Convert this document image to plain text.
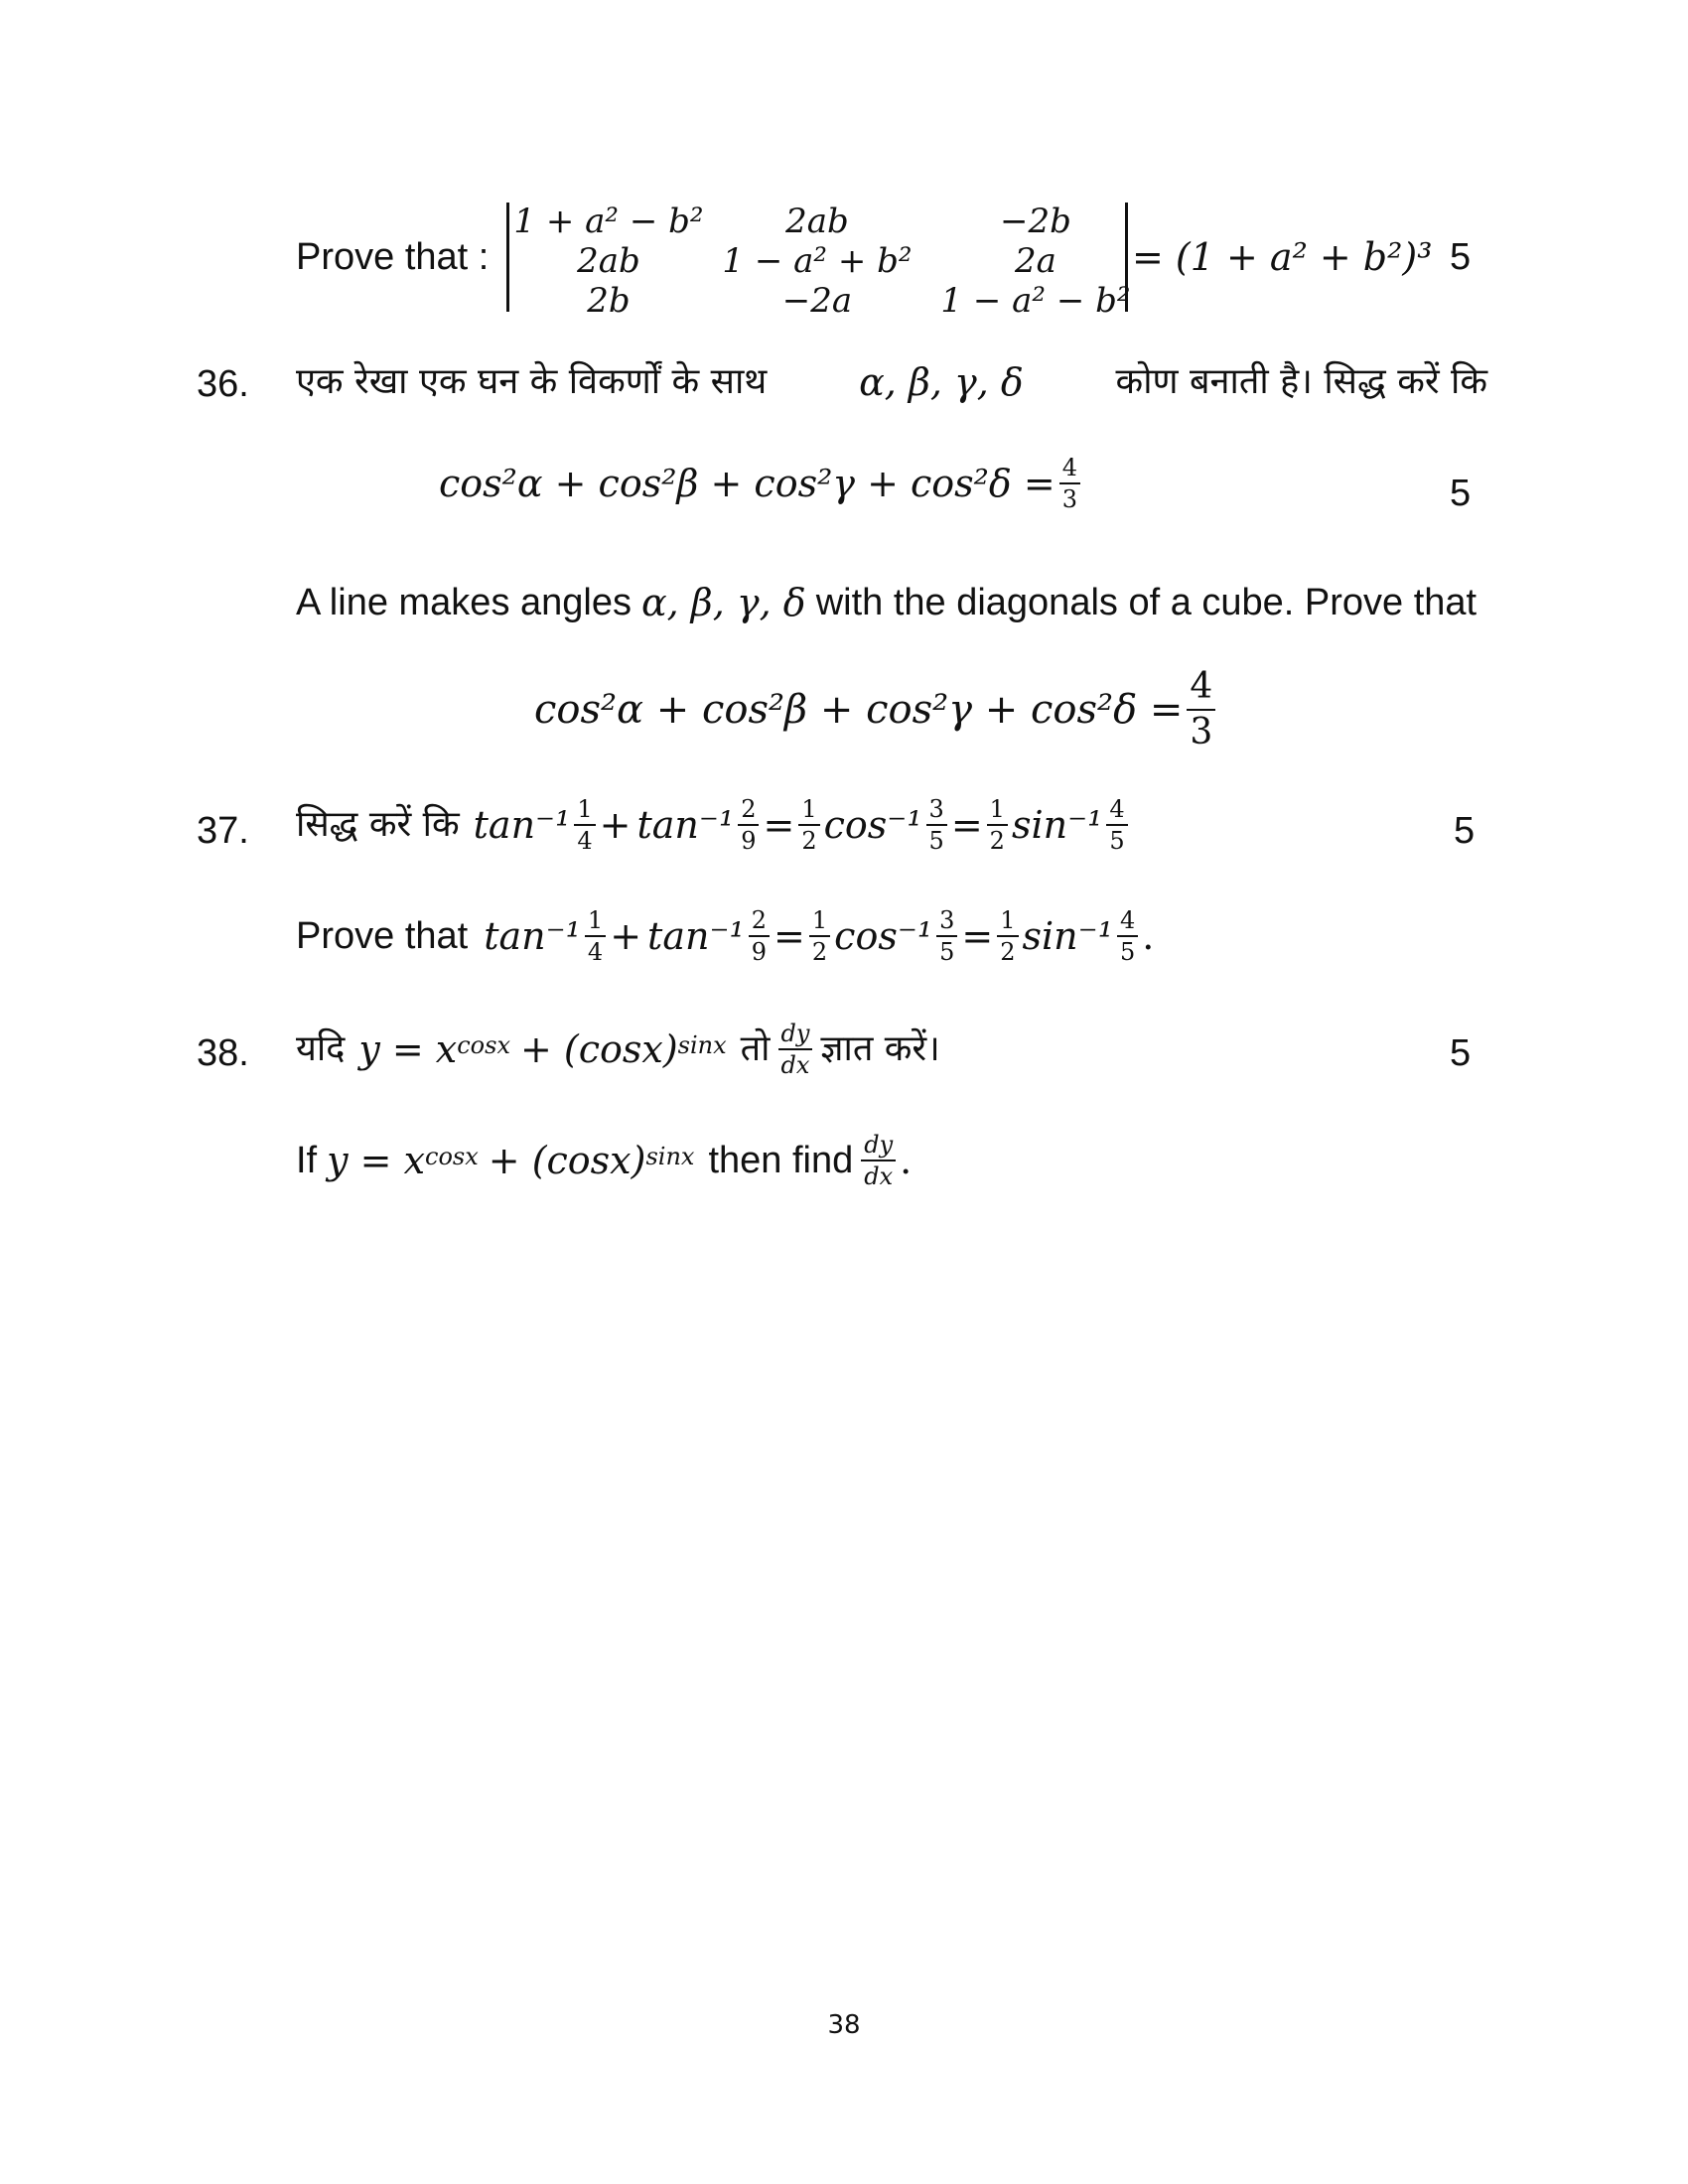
Prove that :
1 + a² − b²	2ab	−2b
2ab	1 − a² + b²	2a
2b	−2a	1 − a² − b²
= (1 + a² + b²)³ 5
36. एक रेखा एक घन के विकर्णों के साथ α, β, γ, δ	कोण बनाती है। सिद्ध करें कि
$\cos^2\alpha + \cos^2\beta + \cos^2\gamma + \cos^2\delta = \frac{4}{3}$	5
A line makes angles α, β, γ, δ with the diagonals of a cube. Prove that
$\cos^2\alpha + \cos^2\beta + \cos^2\gamma + \cos^2\delta = \frac{4}{3}$
37. सिद्ध करें कि $\tan^{-1} \frac{1}{4} + \tan^{-1} \frac{2}{9} = \frac{1}{2} \cos^{-1} \frac{3}{5} = \frac{1}{2} \sin^{-1} \frac{4}{5}$	5
Prove that $\tan^{-1} \frac{1}{4} + \tan^{-1} \frac{2}{9} = \frac{1}{2} \cos^{-1} \frac{3}{5} = \frac{1}{2} \sin^{-1} \frac{4}{5}$ .
38. यदि $y = x^{cosx} + (\cos x)^{sinx}$ तो $\frac{dy}{dx}$ ज्ञात करें।	5
If $y = x^{cosx} + (\cos x)^{sinx}$ then find $\frac{dy}{dx}$ .
38
